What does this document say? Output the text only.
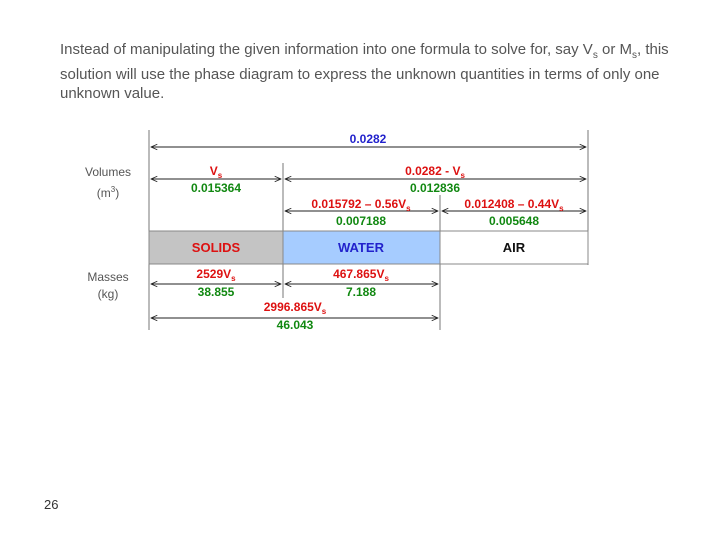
Instead of manipulating the given information into one formula to solve for, say $V_s$ or $M_s$, this solution will use the phase diagram to express the unknown quantities in terms of only one unknown value.

Volumes
$(m^3)$
Masses
(kg)
SOLIDS	WATER	AIR
0.0282
$V_s$
0.015364
$0.0282 - V_s$
0.012836
$0.015792 - 0.56V_s$
0.007188
$0.012408 - 0.44V_s$
0.005648
$2529V_s$
38.855
$467.865V_s$
7.188
$2996.865V_s$
46.043
26
